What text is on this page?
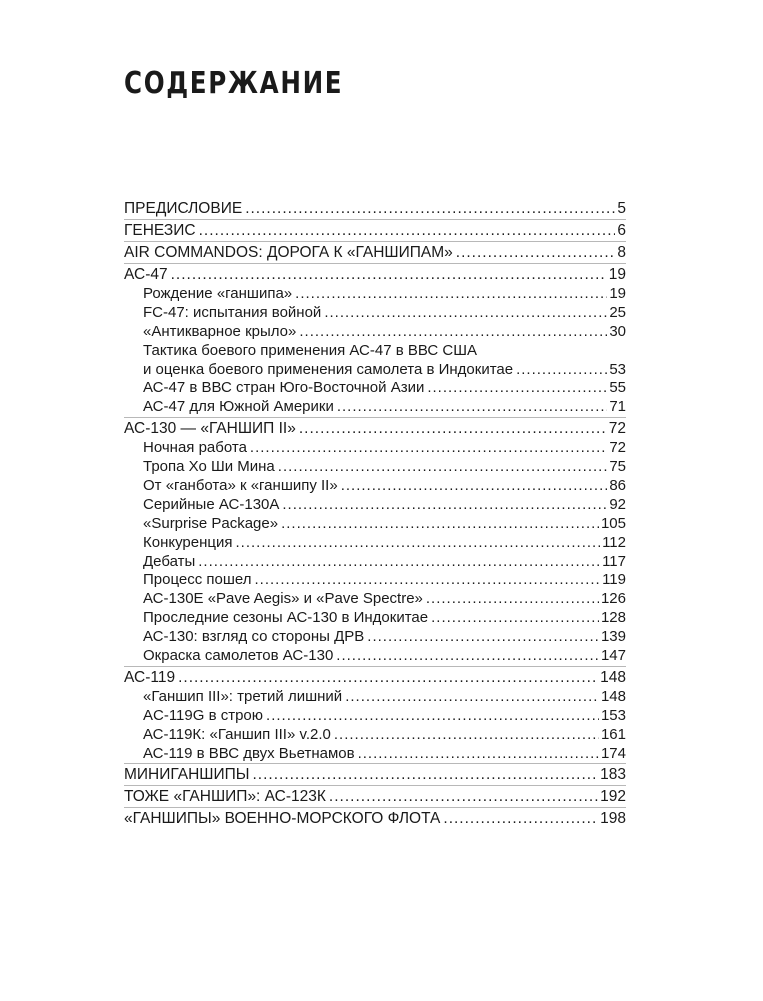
СОДЕРЖАНИЕ
ПРЕДИСЛОВИЕ .....	5
ГЕНЕЗИС .....	6
AIR COMMANDOS: ДОРОГА К «ГАНШИПАМ» .....	8
АС-47 .....	19
Рождение «ганшипа» .....	19
FC-47: испытания войной .....	25
«Антикварное крыло» .....	30
Тактика боевого применения АС-47 в ВВС США
и оценка боевого применения самолета в Индокитае .....	53
АС-47 в ВВС стран Юго-Восточной Азии .....	55
АС-47 для Южной Америки .....	71
АС-130 — «ГАНШИП II» .....	72
Ночная работа .....	72
Тропа Хо Ши Мина .....	75
От «ганбота» к «ганшипу II» .....	86
Серийные АС-130А .....	92
«Surprise Package» .....	105
Конкуренция .....	112
Дебаты .....	117
Процесс пошел .....	119
АС-130Е «Pave Aegis» и «Pave Spectre» .....	126
Прослeдние сезоны АС-130 в Индокитае .....	128
АС-130: взгляд со стороны ДРВ .....	139
Окраска самолетов АС-130 .....	147
АС-119 .....	148
«Ганшип III»: третий лишний .....	148
AC-119G в строю .....	153
АС-119К: «Ганшип III» v.2.0 .....	161
АС-119 в ВВС двух Вьетнамов .....	174
МИНИГАНШИПЫ .....	183
ТОЖЕ «ГАНШИП»: АС-123К .....	192
«ГАНШИПЫ» ВОЕННО-МОРСКОГО ФЛОТА .....	198
